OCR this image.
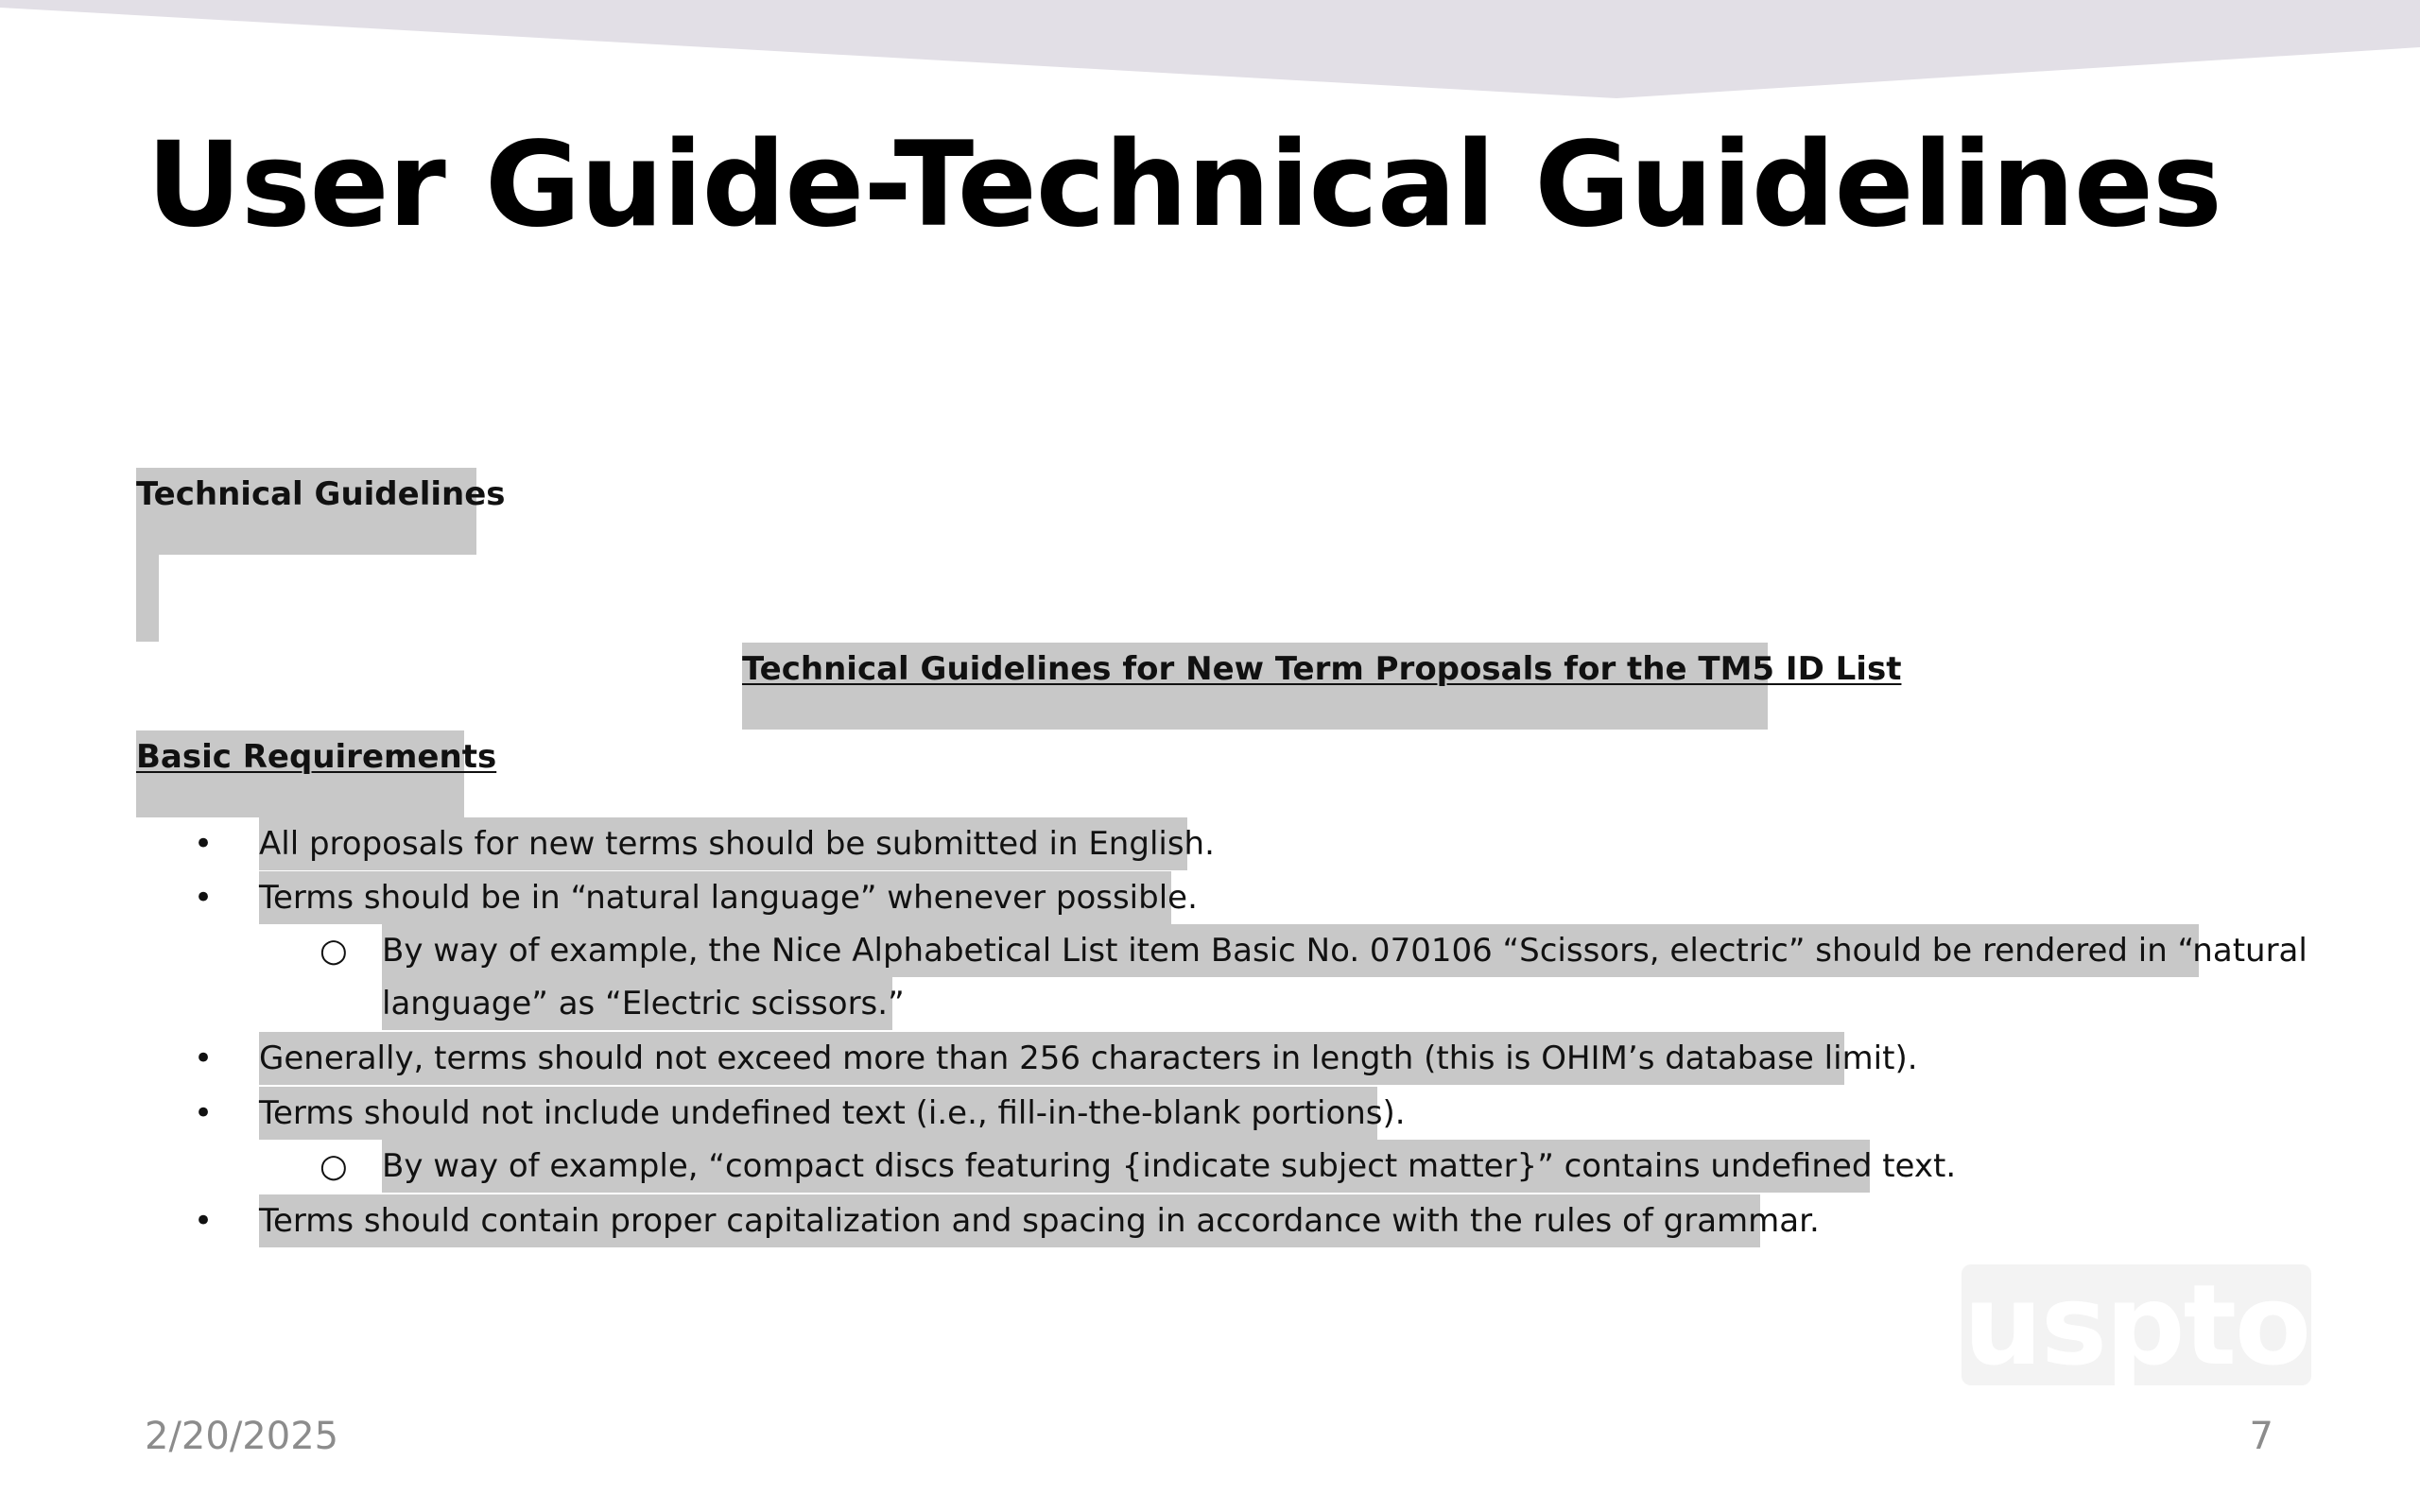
User Guide-Technical Guidelines
Technical Guidelines
Technical Guidelines for New Term Proposals for the TM5 ID List
Basic Requirements
• All proposals for new terms should be submitted in English.
• Terms should be in “natural language” whenever possible.
○ By way of example, the Nice Alphabetical List item Basic No. 070106 “Scissors, electric” should be rendered in “natural
language” as “Electric scissors.”
• Generally, terms should not exceed more than 256 characters in length (this is OHIM’s database limit).
• Terms should not include undefined text (i.e., fill-in-the-blank portions).
○ By way of example, “compact discs featuring {indicate subject matter}” contains undefined text.
• Terms should contain proper capitalization and spacing in accordance with the rules of grammar.
uspto
2/20/2025	7
